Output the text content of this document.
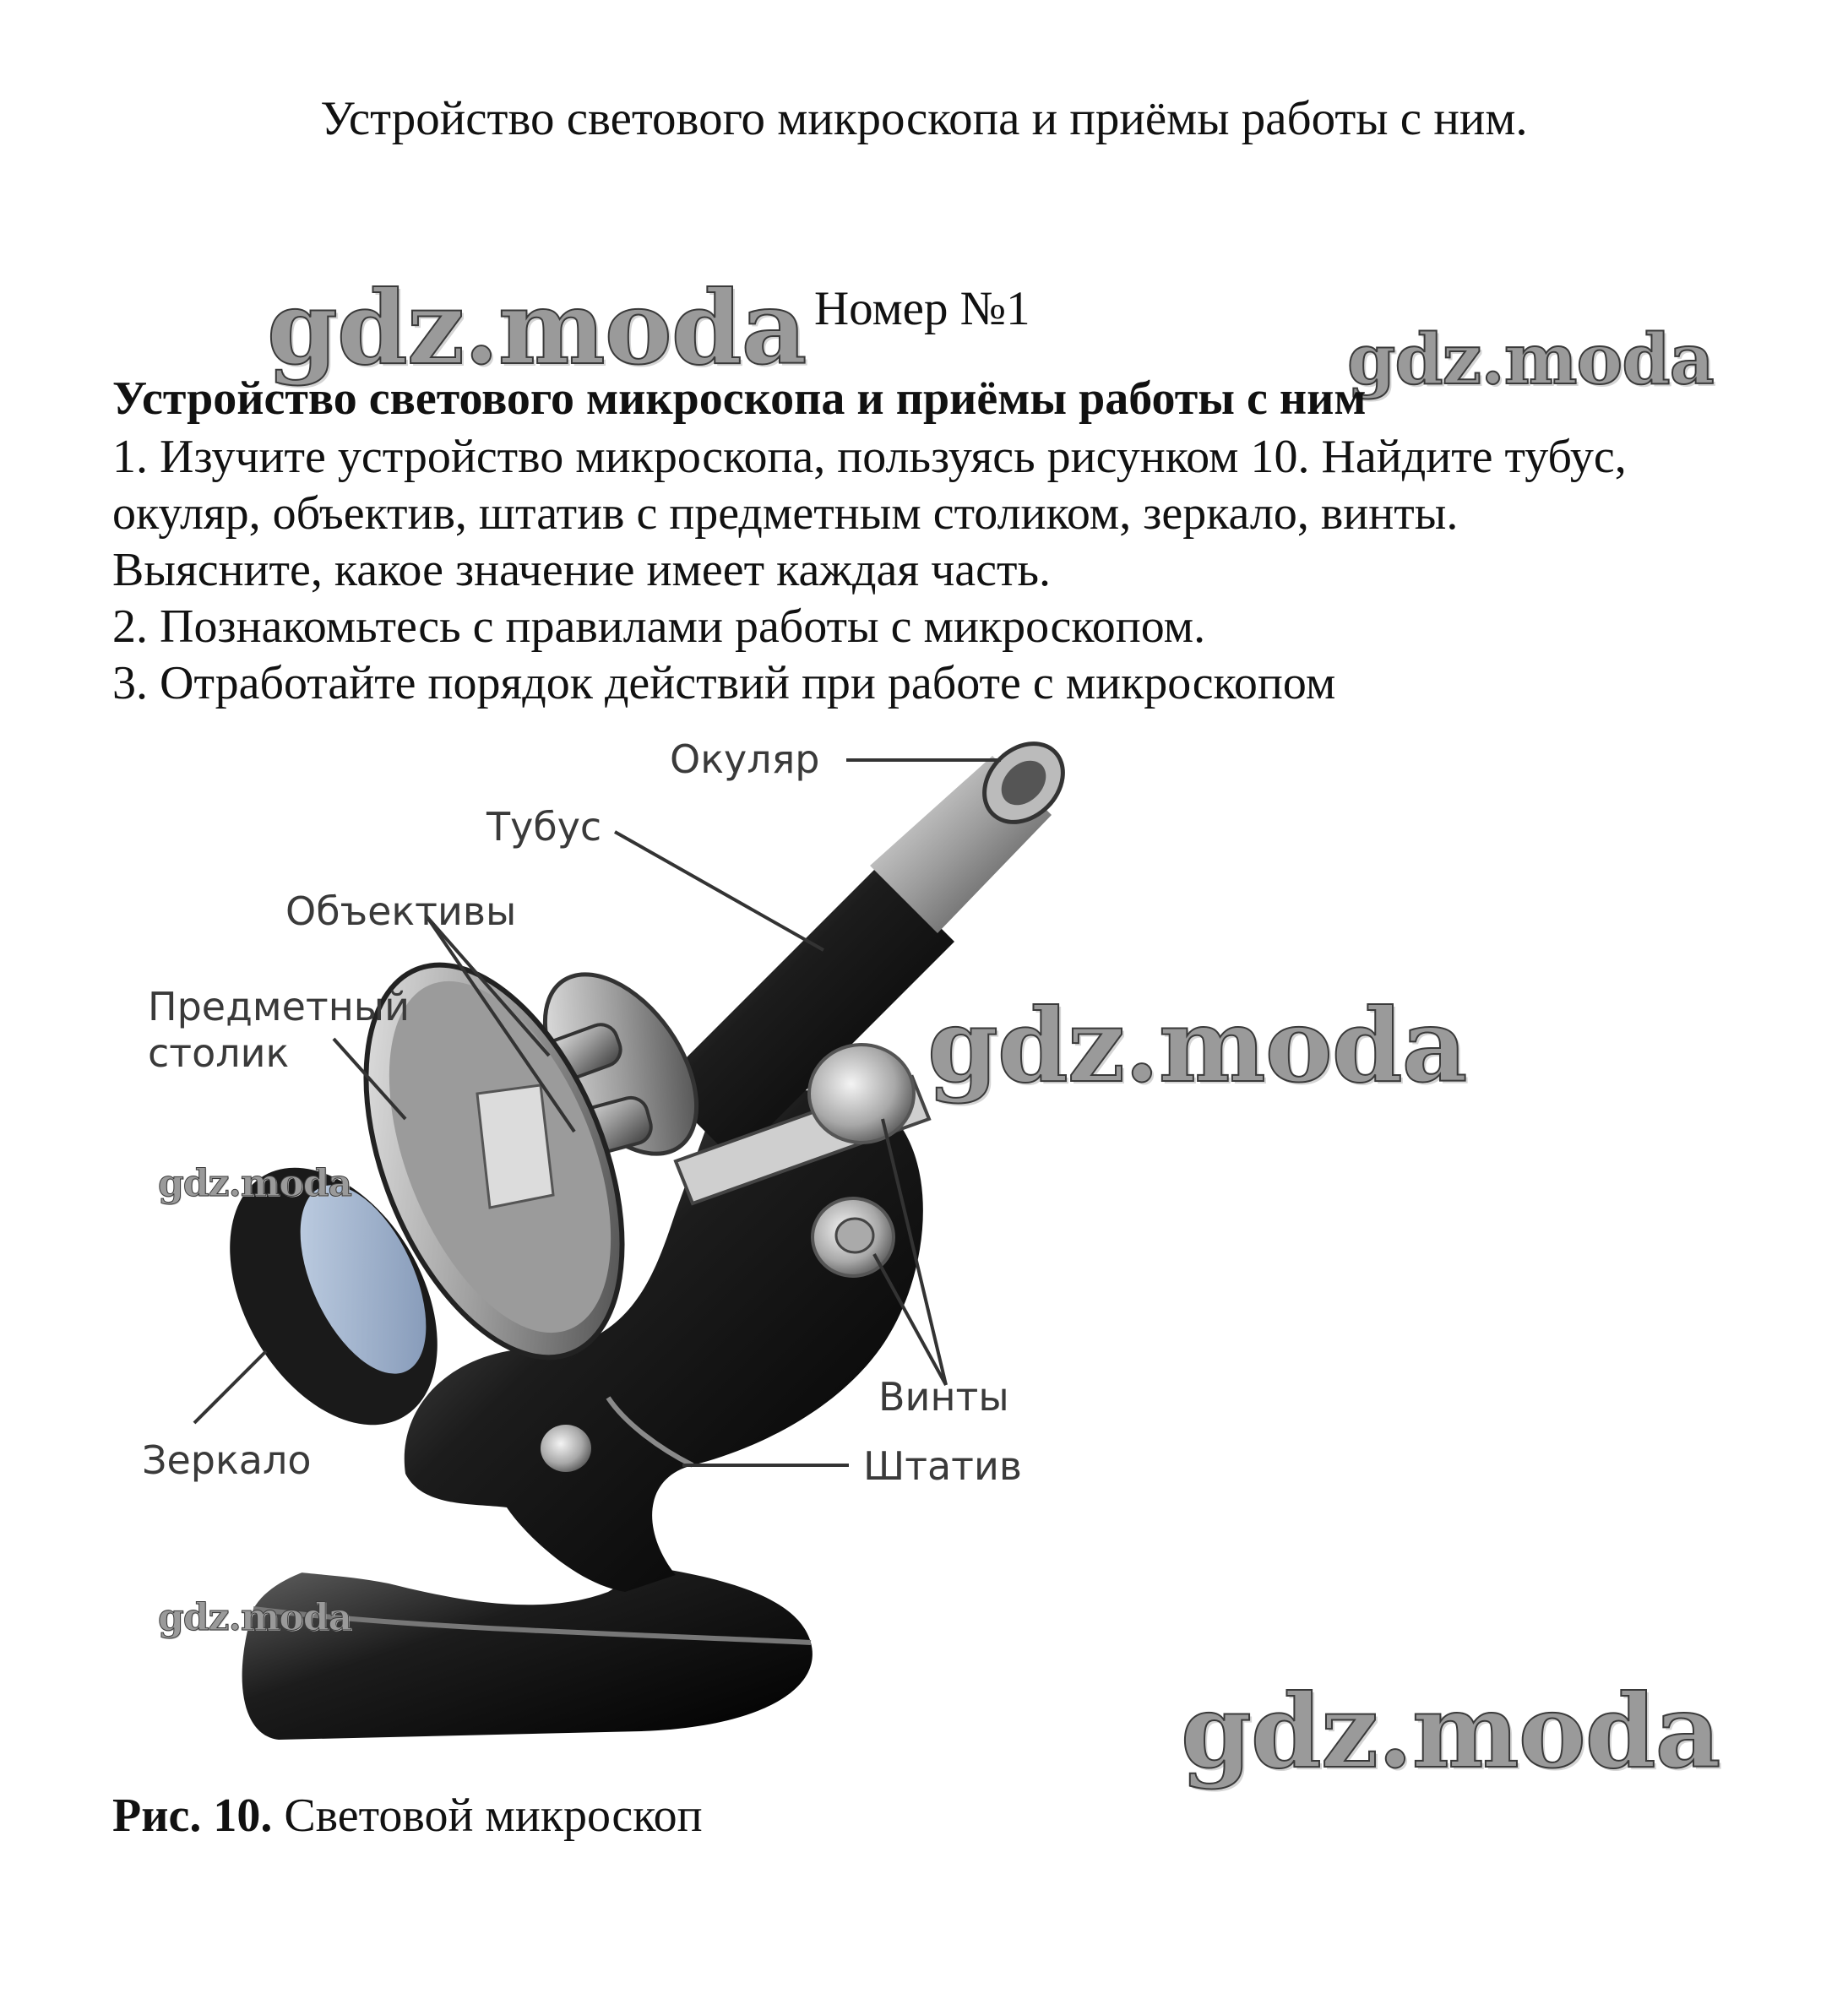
Устройство светового микроскопа и приёмы работы с ним.
gdz.moda Номер №1
gdz.moda
Устройство светового микроскопа и приёмы работы с ним
1. Изучите устройство микроскопа, пользуясь рисунком 10. Найдите тубус,
окуляр, объектив, штатив с предметным столиком, зеркало, винты.
Выясните, какое значение имеет каждая часть.
2. Познакомьтесь с правилами работы с микроскопом.
3. Отработайте порядок действий при работе с микроскопом
Окуляр
Тубус
Объективы
Предметный
столик
Зеркало
Винты
Штатив
gdz.moda
gdz.moda
gdz.moda
gdz.moda
Рис. 10. Световой микроскоп
